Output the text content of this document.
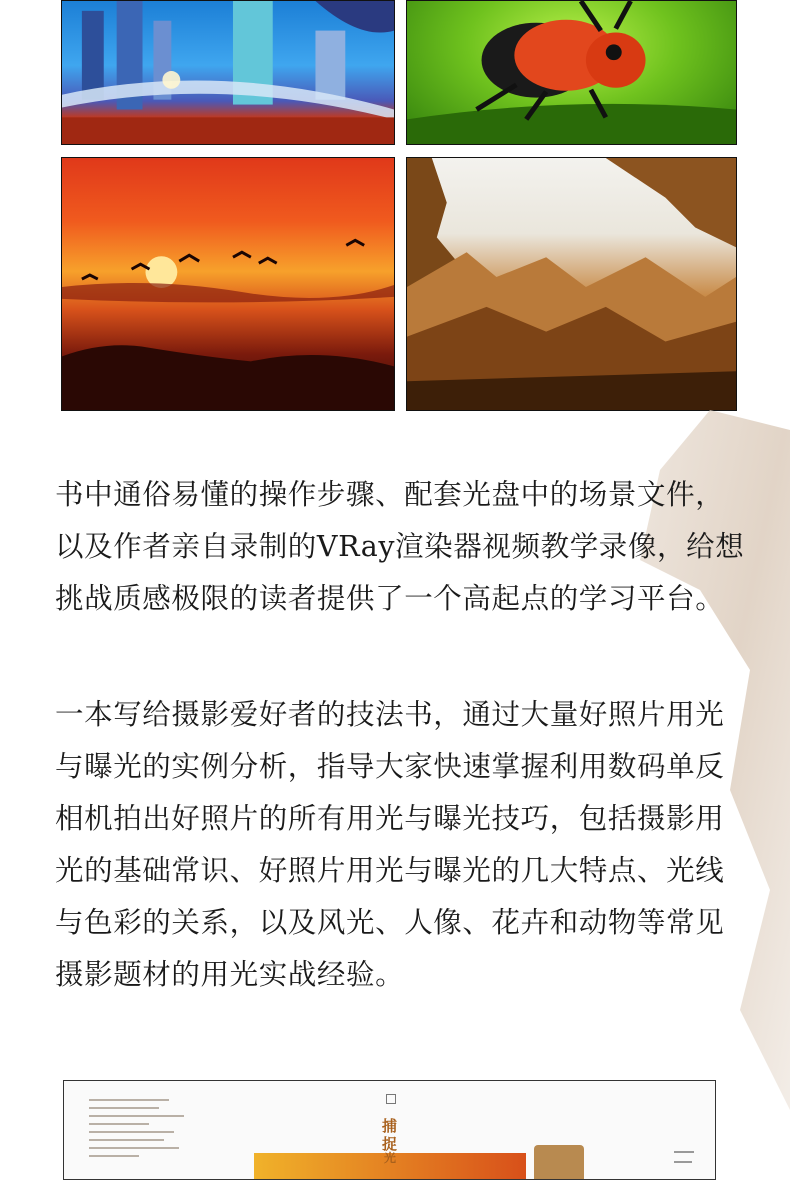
书中通俗易懂的操作步骤、配套光盘中的场景文件，以及作者亲自录制的VRay渲染器视频教学录像，给想挑战质感极限的读者提供了一个高起点的学习平台。

一本写给摄影爱好者的技法书，通过大量好照片用光与曝光的实例分析，指导大家快速掌握利用数码单反相机拍出好照片的所有用光与曝光技巧，包括摄影用光的基础常识、好照片用光与曝光的几大特点、光线与色彩的关系，以及风光、人像、花卉和动物等常见摄影题材的用光实战经验。

捕
捉
光
